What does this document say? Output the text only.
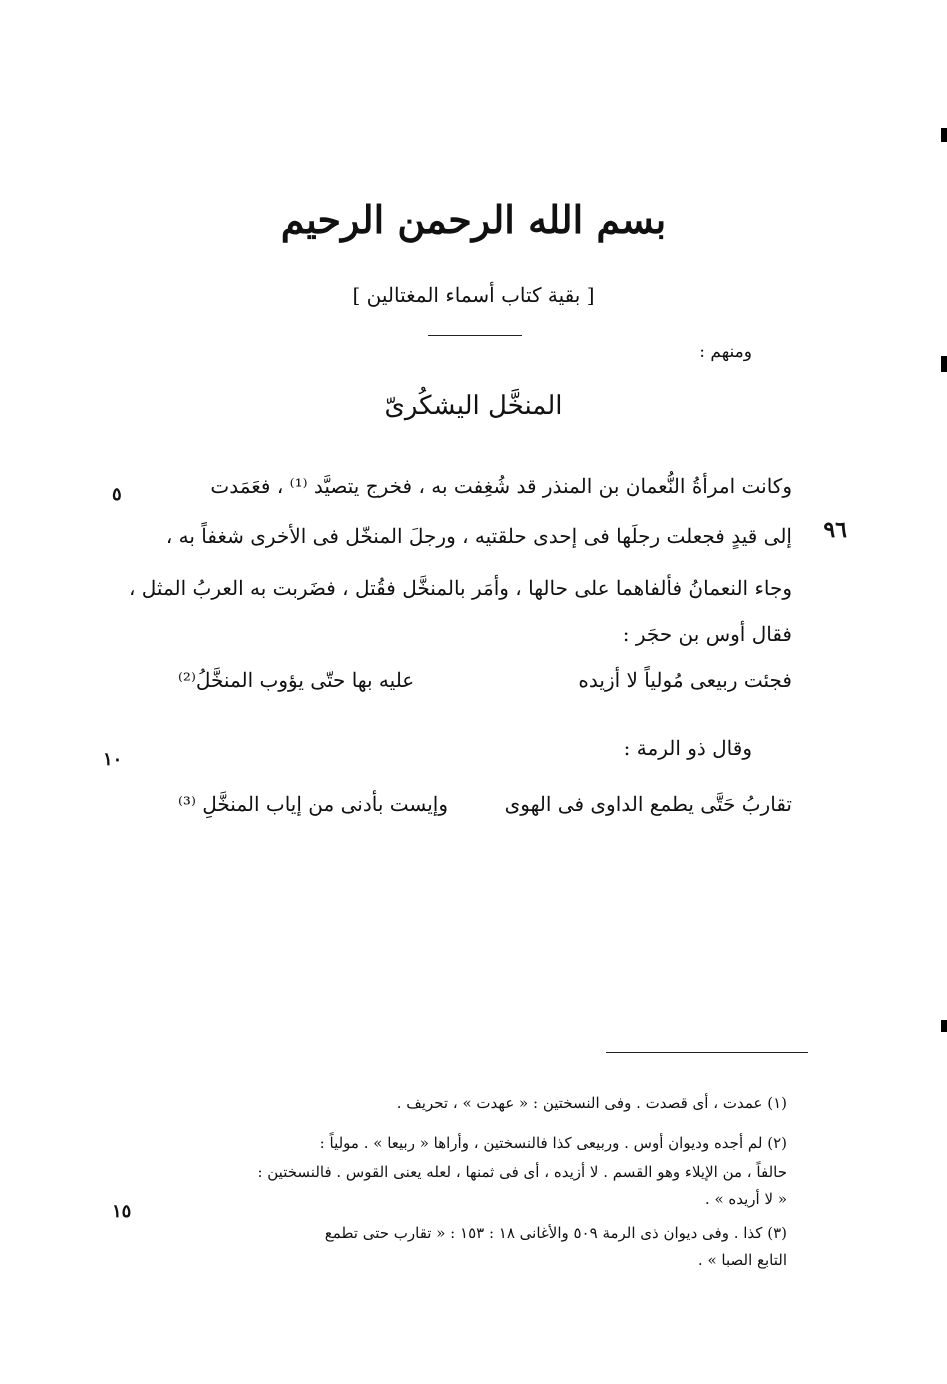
بسم الله الرحمن الرحيم
[ بقية كتاب أسماء المغتالين ]
ومنهم :
المنخَّل اليشكُرىّ
وكانت امرأةُ النُّعمان بن المنذر قد شُغِفت به ، فخرج يتصيَّد ⁽¹⁾ ، فعَمَدت
إلى قيدٍ فجعلت رجلَها فى إحدى حلقتيه ، ورجلَ المنخّل فى الأخرى شغفاً به ،
وجاء النعمانُ فألفاهما على حالها ، وأمَر بالمنخَّل فقُتل ، فضَربت به العربُ المثل ،
فقال أوس بن حجَر :
فجئت ربيعى مُولياً لا أزيده
عليه بها حتّى يؤوب المنخَّلُ⁽²⁾
وقال ذو الرمة :
تقاربُ حَتَّى يطمع الداوى فى الهوى
وإيست بأدنى من إياب المنخَّلِ ⁽³⁾
٥
١٠
١٥
٩٦
(١) عمدت ، أى قصدت . وفى النسختين : « عهدت » ، تحريف .
(٢) لم أجده وديوان أوس . وربيعى كذا فالنسختين ، وأراها « ربيعا » . مولياً :
حالفاً ، من الإيلاء وهو القسم . لا أزيده ، أى فى ثمنها ، لعله يعنى القوس . فالنسختين :
« لا أريده » .
(٣) كذا . وفى ديوان ذى الرمة ٥٠٩ والأغانى ١٨ : ١٥٣ : « تقارب حتى تطمع
التابع الصبا » .
